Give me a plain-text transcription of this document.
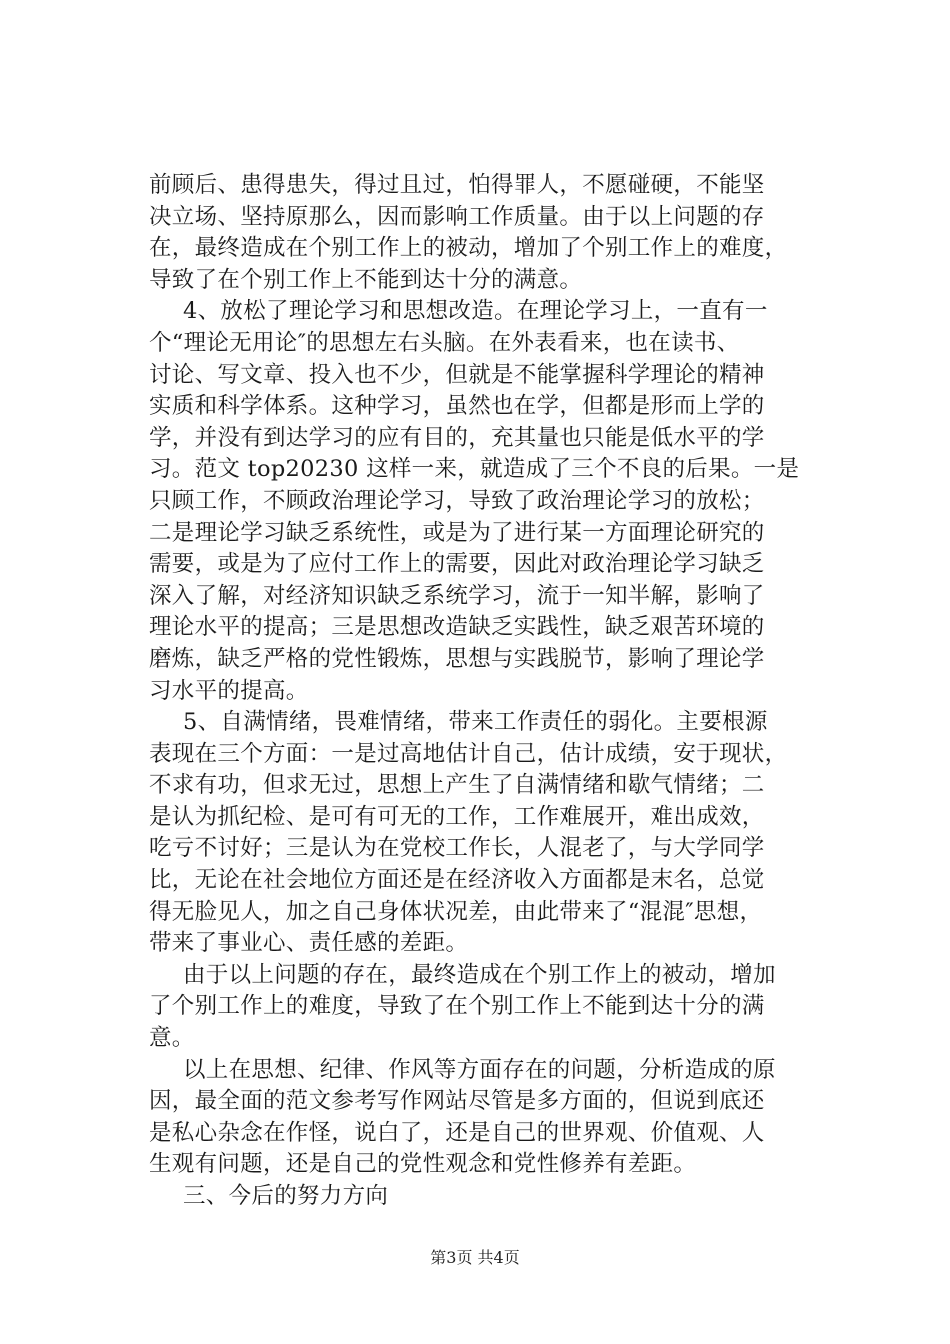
前顾后、患得患失，得过且过，怕得罪人，不愿碰硬，不能坚
决立场、坚持原那么，因而影响工作质量。由于以上问题的存
在，最终造成在个别工作上的被动，增加了个别工作上的难度，
导致了在个别工作上不能到达十分的满意。
4、放松了理论学习和思想改造。在理论学习上，一直有一
个“理论无用论″的思想左右头脑。在外表看来，也在读书、
讨论、写文章、投入也不少，但就是不能掌握科学理论的精神
实质和科学体系。这种学习，虽然也在学，但都是形而上学的
学，并没有到达学习的应有目的，充其量也只能是低水平的学
习。范文 top20230 这样一来，就造成了三个不良的后果。一是
只顾工作，不顾政治理论学习，导致了政治理论学习的放松；
二是理论学习缺乏系统性，或是为了进行某一方面理论研究的
需要，或是为了应付工作上的需要，因此对政治理论学习缺乏
深入了解，对经济知识缺乏系统学习，流于一知半解，影响了
理论水平的提高；三是思想改造缺乏实践性，缺乏艰苦环境的
磨炼，缺乏严格的党性锻炼，思想与实践脱节，影响了理论学
习水平的提高。
5、自满情绪，畏难情绪，带来工作责任的弱化。主要根源
表现在三个方面：一是过高地估计自己，估计成绩，安于现状，
不求有功，但求无过，思想上产生了自满情绪和歇气情绪；二
是认为抓纪检、是可有可无的工作，工作难展开，难出成效，
吃亏不讨好；三是认为在党校工作长，人混老了，与大学同学
比，无论在社会地位方面还是在经济收入方面都是末名，总觉
得无脸见人，加之自己身体状况差，由此带来了“混混″思想，
带来了事业心、责任感的差距。
由于以上问题的存在，最终造成在个别工作上的被动，增加
了个别工作上的难度，导致了在个别工作上不能到达十分的满
意。
以上在思想、纪律、作风等方面存在的问题，分析造成的原
因，最全面的范文参考写作网站尽管是多方面的，但说到底还
是私心杂念在作怪，说白了，还是自己的世界观、价值观、人
生观有问题，还是自己的党性观念和党性修养有差距。
三、今后的努力方向
第3页 共4页
